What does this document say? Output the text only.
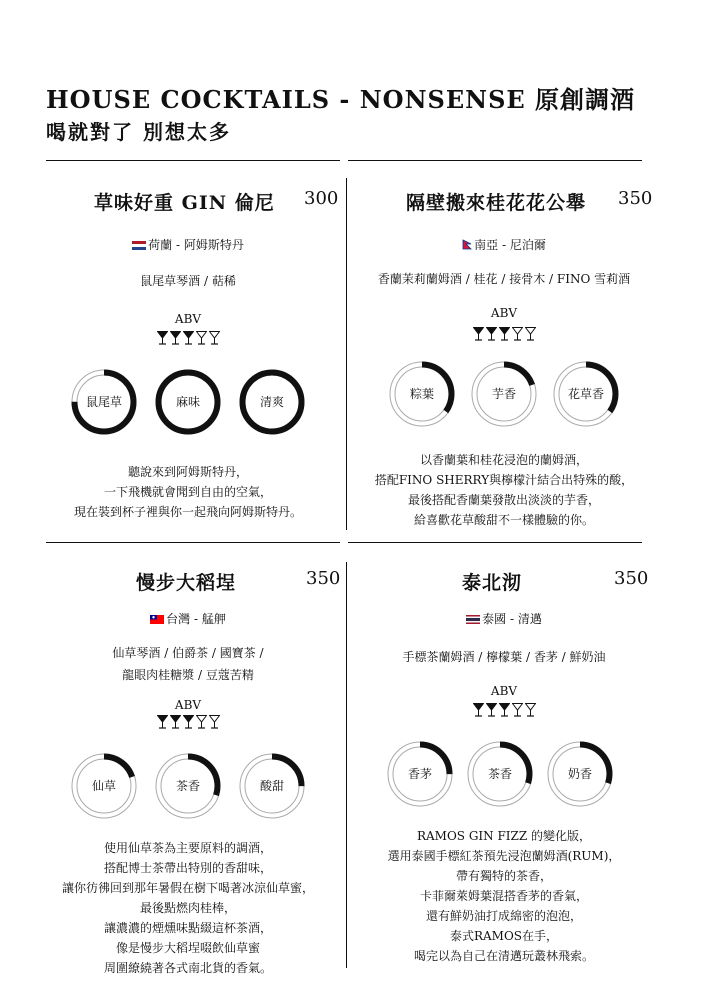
HOUSE COCKTAILS - NONSENSE 原創調酒
喝就對了 別想太多
草味好重 GIN 倫尼 300
荷蘭 - 阿姆斯特丹
鼠尾草琴酒 / 萜稀
ABV
鼠尾草	麻味	清爽
聽說來到阿姆斯特丹，
一下飛機就會聞到自由的空氣，
現在裝到杯子裡與你一起飛向阿姆斯特丹。
隔壁搬來桂花花公舉 350
南亞 - 尼泊爾
香蘭茉莉蘭姆酒 / 桂花 / 接骨木 / FINO 雪莉酒
ABV
粽葉	芋香	花草香
以香蘭葉和桂花浸泡的蘭姆酒，
搭配FINO SHERRY與檸檬汁結合出特殊的酸，
最後搭配香蘭葉發散出淡淡的芋香，
給喜歡花草酸甜不一樣體驗的你。
慢步大稻埕	350
台灣 - 艋舺
仙草琴酒 / 伯爵茶 / 國寶茶 /
龍眼肉桂糖漿 / 豆蔻苦精
ABV
仙草	茶香	酸甜
使用仙草茶為主要原料的調酒，
搭配博士茶帶出特別的香甜味，
讓你彷彿回到那年暑假在樹下喝著冰涼仙草蜜，
最後點燃肉桂棒，
讓濃濃的煙燻味點綴這杯茶酒，
像是慢步大稻埕啜飲仙草蜜
周圍繚繞著各式南北貨的香氣。
泰北沏	350
泰國 - 清邁
手標茶蘭姆酒 / 檸檬葉 / 香茅 / 鮮奶油
ABV
香茅	茶香	奶香
RAMOS GIN FIZZ 的變化版，
選用泰國手標紅茶預先浸泡蘭姆酒(RUM)，
帶有獨特的茶香，
卡菲爾萊姆葉混搭香茅的香氣，
還有鮮奶油打成綿密的泡泡，
泰式RAMOS在手，
喝完以為自己在清邁玩叢林飛索。
